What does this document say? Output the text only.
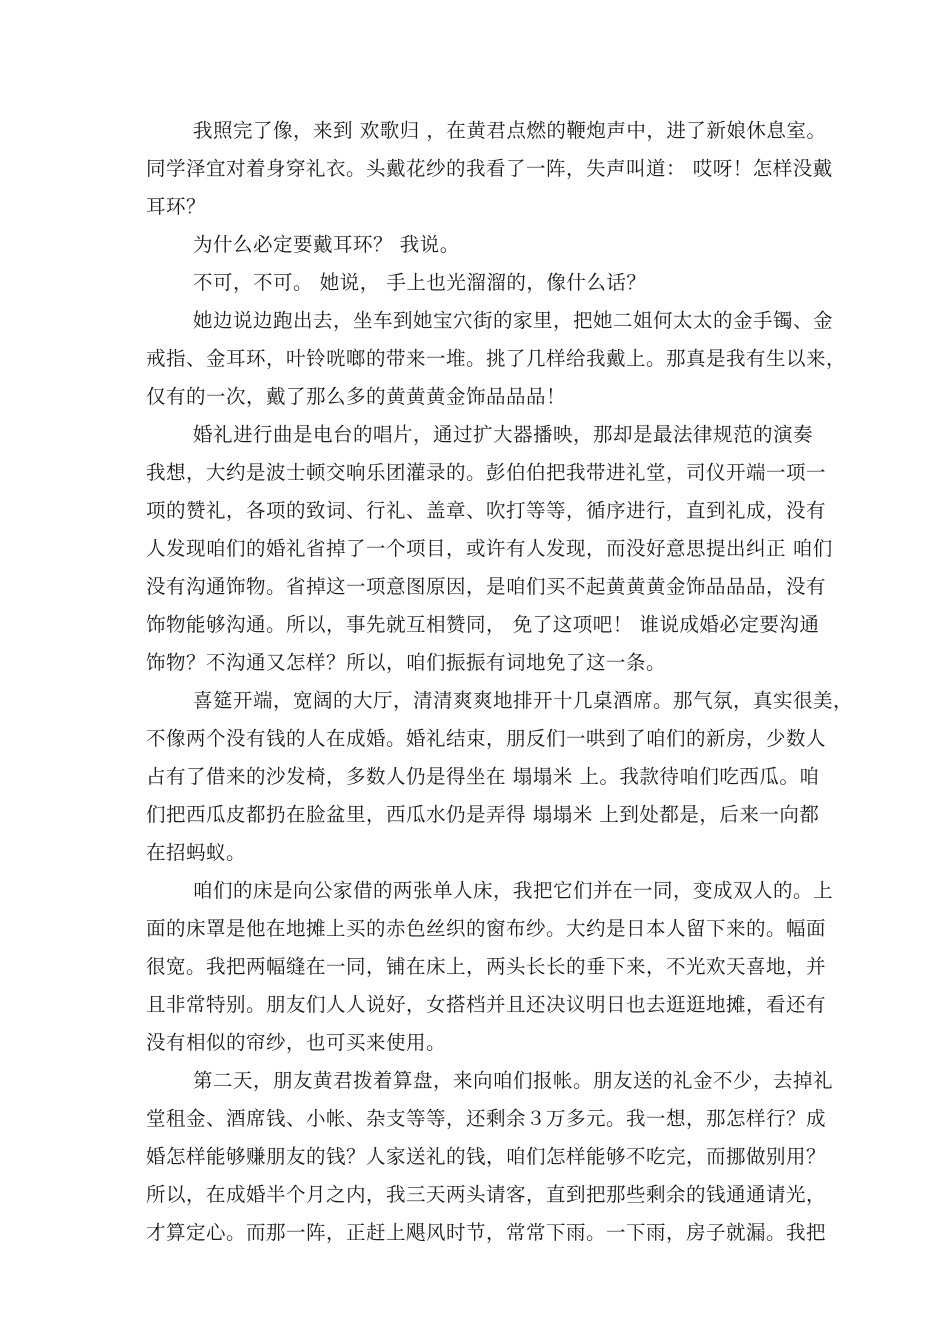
我照完了像，来到 欢歌归 ，在黄君点燃的鞭炮声中，进了新娘休息室。
同学泽宜对着身穿礼衣。头戴花纱的我看了一阵，失声叫道： 哎呀！怎样没戴
耳环？
为什么必定要戴耳环？ 我说。
不可，不可。 她说， 手上也光溜溜的，像什么话？
她边说边跑出去，坐车到她宝穴街的家里，把她二姐何太太的金手镯、金
戒指、金耳环，叶铃咣啷的带来一堆。挑了几样给我戴上。那真是我有生以来，
仅有的一次，戴了那么多的黄黄黄金饰品品品！
婚礼进行曲是电台的唱片，通过扩大器播映，那却是最法律规范的演奏
我想，大约是波士顿交响乐团灌录的。彭伯伯把我带进礼堂，司仪开端一项一
项的赞礼，各项的致词、行礼、盖章、吹打等等，循序进行，直到礼成，没有
人发现咱们的婚礼省掉了一个项目，或许有人发现，而没好意思提出纠正 咱们
没有沟通饰物。省掉这一项意图原因，是咱们买不起黄黄黄金饰品品品，没有
饰物能够沟通。所以，事先就互相赞同， 免了这项吧！ 谁说成婚必定要沟通
饰物？不沟通又怎样？所以，咱们振振有词地免了这一条。
喜筵开端，宽阔的大厅，清清爽爽地排开十几桌酒席。那气氛，真实很美，
不像两个没有钱的人在成婚。婚礼结束，朋反们一哄到了咱们的新房，少数人
占有了借来的沙发椅，多数人仍是得坐在 塌塌米 上。我款待咱们吃西瓜。咱
们把西瓜皮都扔在脸盆里，西瓜水仍是弄得 塌塌米 上到处都是，后来一向都
在招蚂蚁。
咱们的床是向公家借的两张单人床，我把它们并在一同，变成双人的。上
面的床罩是他在地摊上买的赤色丝织的窗布纱。大约是日本人留下来的。幅面
很宽。我把两幅缝在一同，铺在床上，两头长长的垂下来，不光欢天喜地，并
且非常特别。朋友们人人说好，女搭档并且还决议明日也去逛逛地摊，看还有
没有相似的帘纱，也可买来使用。
第二天，朋友黄君拨着算盘，来向咱们报帐。朋友送的礼金不少，去掉礼
堂租金、酒席钱、小帐、杂支等等，还剩余３万多元。我一想，那怎样行？成
婚怎样能够赚朋友的钱？人家送礼的钱，咱们怎样能够不吃完，而挪做别用？
所以，在成婚半个月之内，我三天两头请客，直到把那些剩余的钱通通请光，
才算定心。而那一阵，正赶上飓风时节，常常下雨。一下雨，房子就漏。我把
